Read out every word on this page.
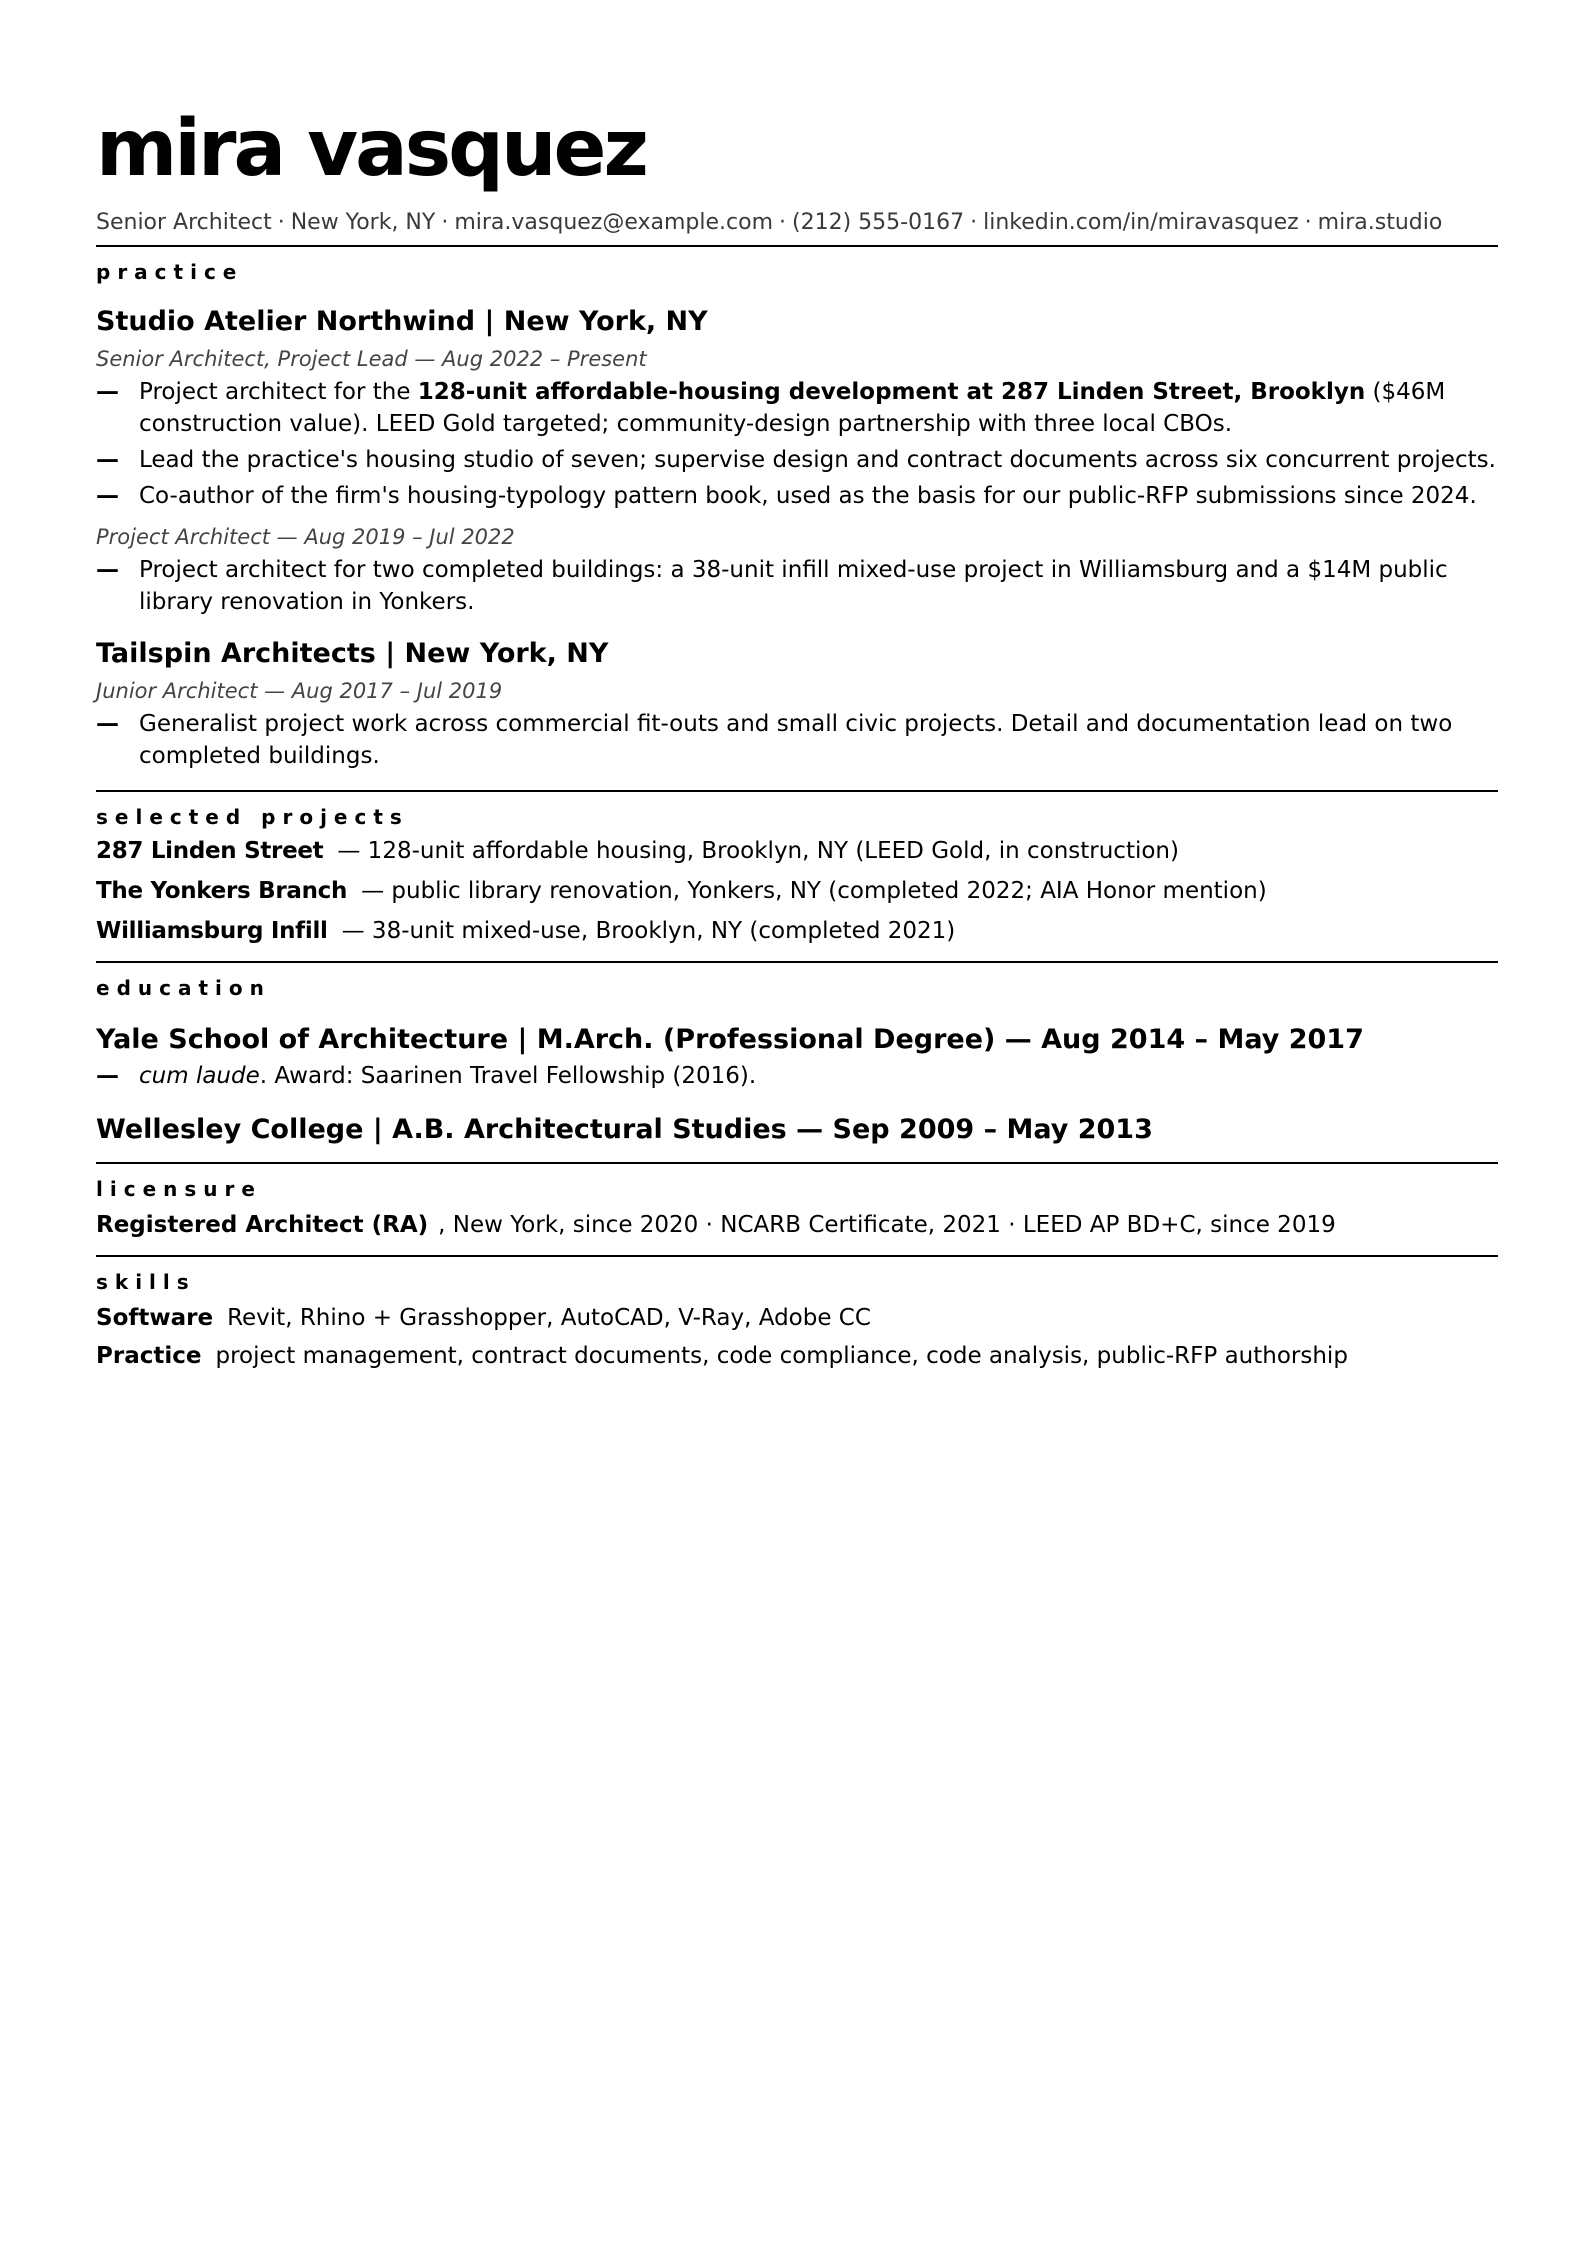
mira vasquez
Senior Architect · New York, NY · mira.vasquez@example.com · (212) 555-0167 · linkedin.com/in/miravasquez · mira.studio
practice
Studio Atelier Northwind | New York, NY
Senior Architect, Project Lead — Aug 2022 – Present
— Project architect for the 128-unit affordable-housing development at 287 Linden Street, Brooklyn ($46M construction value). LEED Gold targeted; community-design partnership with three local CBOs.
— Lead the practice's housing studio of seven; supervise design and contract documents across six concurrent projects.
— Co-author of the firm's housing-typology pattern book, used as the basis for our public-RFP submissions since 2024.
Project Architect — Aug 2019 – Jul 2022
— Project architect for two completed buildings: a 38-unit infill mixed-use project in Williamsburg and a $14M public library renovation in Yonkers.
Tailspin Architects | New York, NY
Junior Architect — Aug 2017 – Jul 2019
— Generalist project work across commercial fit-outs and small civic projects. Detail and documentation lead on two completed buildings.
selected projects
287 Linden Street — 128-unit affordable housing, Brooklyn, NY (LEED Gold, in construction)
The Yonkers Branch — public library renovation, Yonkers, NY (completed 2022; AIA Honor mention)
Williamsburg Infill — 38-unit mixed-use, Brooklyn, NY (completed 2021)
education
Yale School of Architecture | M.Arch. (Professional Degree) — Aug 2014 – May 2017
— cum laude. Award: Saarinen Travel Fellowship (2016).
Wellesley College | A.B. Architectural Studies — Sep 2009 – May 2013
licensure
Registered Architect (RA) , New York, since 2020 · NCARB Certificate, 2021 · LEED AP BD+C, since 2019
skills
Software Revit, Rhino + Grasshopper, AutoCAD, V-Ray, Adobe CC
Practice project management, contract documents, code compliance, code analysis, public-RFP authorship
